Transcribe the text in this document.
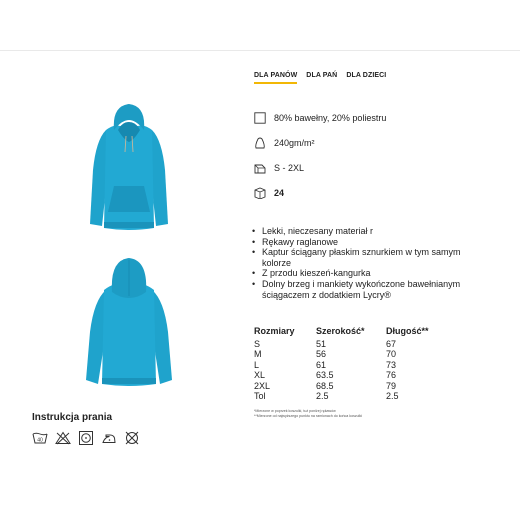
DLA PANÓW DLA PAŃ DLA DZIECI
80% bawełny, 20% poliestru
240gm/m²
S - 2XL
24
• Lekki, nieczesany materiał r
• Rękawy raglanowe
• Kaptur ściągany płaskim sznurkiem w tym samym kolorze
• Z przodu kieszeń-kangurka
• Dolny brzeg i mankiety wykończone bawełnianym ściągaczem z dodatkiem Lycry®
Rozmiary	Szerokość*	Długość**
S	51	67
M	56	70
L	61	73
XL	63.5	76
2XL	68.5	79
Tol	2.5	2.5
*Mierzone w poprzek koszulki, tuż poniżej rękawów
**Mierzone od najwyższego punktu na ramionach do końca koszulki
Instrukcja prania
40
